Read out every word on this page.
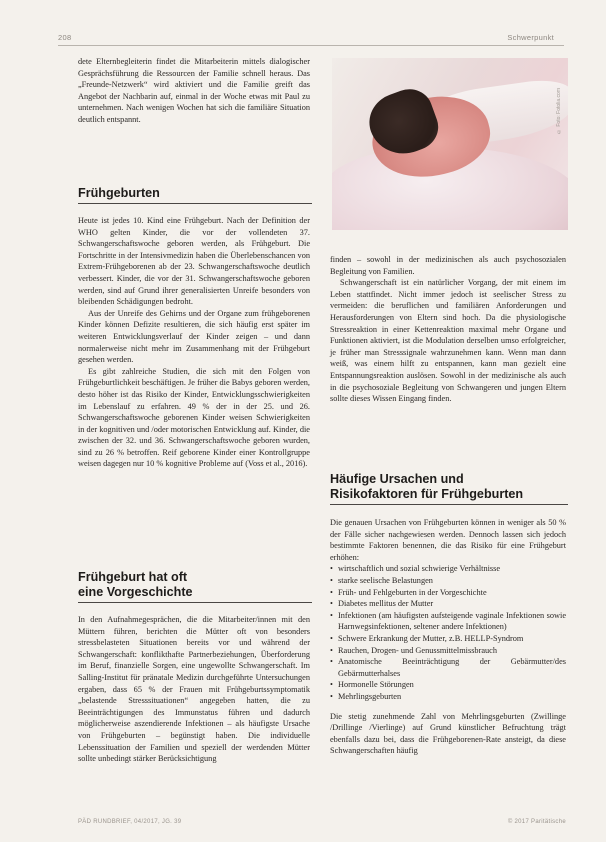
208	Schwerpunkt

dete Elternbegleiterin findet die Mitarbeiterin mittels dialogischer Gesprächsführung die Ressourcen der Familie schnell heraus. Das „Freunde-Netzwerk“ wird aktiviert und die Familie greift das Angebot der Nachbarin auf, einmal in der Woche etwas mit Paul zu unternehmen. Nach wenigen Wochen hat sich die familiäre Situation deutlich entspannt.

Frühgeburten

Heute ist jedes 10. Kind eine Frühgeburt. Nach der Definition der WHO gelten Kinder, die vor der vollendeten 37. Schwangerschaftswoche geboren werden, als Frühgeburt. Die Fortschritte in der Intensivmedizin haben die Überlebenschancen von Extrem-Frühgeborenen ab der 23. Schwangerschaftswoche deutlich verbessert. Kinder, die vor der 31. Schwangerschaftswoche geboren werden, sind auf Grund ihrer generalisierten Unreife besonders von bleibenden Schädigungen bedroht.

Aus der Unreife des Gehirns und der Organe zum frühgeborenen Kinder können Defizite resultieren, die sich häufig erst später im weiteren Entwicklungsverlauf der Kinder zeigen – und dann normalerweise nicht mehr im Zusammenhang mit der Frühgeburt gesehen werden.

Es gibt zahlreiche Studien, die sich mit den Folgen von Frühgeburtlichkeit beschäftigen. Je früher die Babys geboren werden, desto höher ist das Risiko der Kinder, Entwicklungsschwierigkeiten im Lebenslauf zu erfahren. 49 % der in der 25. und 26. Schwangerschaftswoche geborenen Kinder weisen Schwierigkeiten in der kognitiven und /oder motorischen Entwicklung auf. Kinder, die zwischen der 32. und 36. Schwangerschaftswoche geboren wurden, sind zu 26 % betroffen. Reif geborene Kinder einer Kontrollgruppe weisen dagegen nur 10 % kognitive Probleme auf (Voss et al., 2016).

Frühgeburt hat oft
eine Vorgeschichte

In den Aufnahmegesprächen, die die Mitarbeiter/innen mit den Müttern führen, berichten die Mütter oft von besonders stressbelasteten Situationen bereits vor und während der Schwangerschaft: konflikthafte Partnerbeziehungen, Überforderung im Beruf, finanzielle Sorgen, eine ungewollte Schwangerschaft. Im Salling-Institut für pränatale Medizin durchgeführte Untersuchungen ergaben, dass 65 % der Frauen mit Frühgeburtssymptomatik „belastende Stresssituationen“ angegeben hatten, die zu Beeinträchtigungen des Immunstatus führen und dadurch möglicherweise aszendierende Infektionen – als häufigste Ursache von Frühgeburten – begünstigt haben. Die individuelle Lebenssituation der Familien und speziell der werdenden Mütter sollte unbedingt stärker Berücksichtigung

© Foto: Fotolia.com

finden – sowohl in der medizinischen als auch psychosozialen Begleitung von Familien.

Schwangerschaft ist ein natürlicher Vorgang, der mit einem im Leben stattfindet. Nicht immer jedoch ist seelischer Stress zu vermeiden: die beruflichen und familiären Anforderungen und Herausforderungen von Eltern sind hoch. Da die physiologische Stressreaktion in einer Kettenreaktion maximal mehr Organe und Funktionen aktiviert, ist die Modulation derselben umso erfolgreicher, je früher man Stresssignale wahrzunehmen kann. Wenn man dann weiß, was einem hilft zu entspannen, kann man gezielt eine Entspannungsreaktion auslösen. Sowohl in der medizinische als auch in die psychosoziale Begleitung von Schwangeren und jungen Eltern sollte dieses Wissen Eingang finden.

Häufige Ursachen und
Risikofaktoren für Frühgeburten

Die genauen Ursachen von Frühgeburten können in weniger als 50 % der Fälle sicher nachgewiesen werden. Dennoch lassen sich jedoch bestimmte Faktoren benennen, die das Risiko für eine Frühgeburt erhöhen:

• wirtschaftlich und sozial schwierige Verhältnisse
• starke seelische Belastungen
• Früh- und Fehlgeburten in der Vorgeschichte
• Diabetes mellitus der Mutter
• Infektionen (am häufigsten aufsteigende vaginale Infektionen sowie Harnwegsinfektionen, seltener andere Infektionen)
• Schwere Erkrankung der Mutter, z.B. HELLP-Syndrom
• Rauchen, Drogen- und Genussmittelmissbrauch
• Anatomische Beeinträchtigung der Gebärmutter/des Gebärmutterhalses
• Hormonelle Störungen
• Mehrlingsgeburten

Die stetig zunehmende Zahl von Mehrlingsgeburten (Zwillinge /Drillinge /Vierlinge) auf Grund künstlicher Befruchtung trägt ebenfalls dazu bei, dass die Frühgeborenen-Rate ansteigt, da diese Schwangerschaften häufig

PÄD RUNDBRIEF, 04/2017, JG. 39	© 2017 Paritätische
